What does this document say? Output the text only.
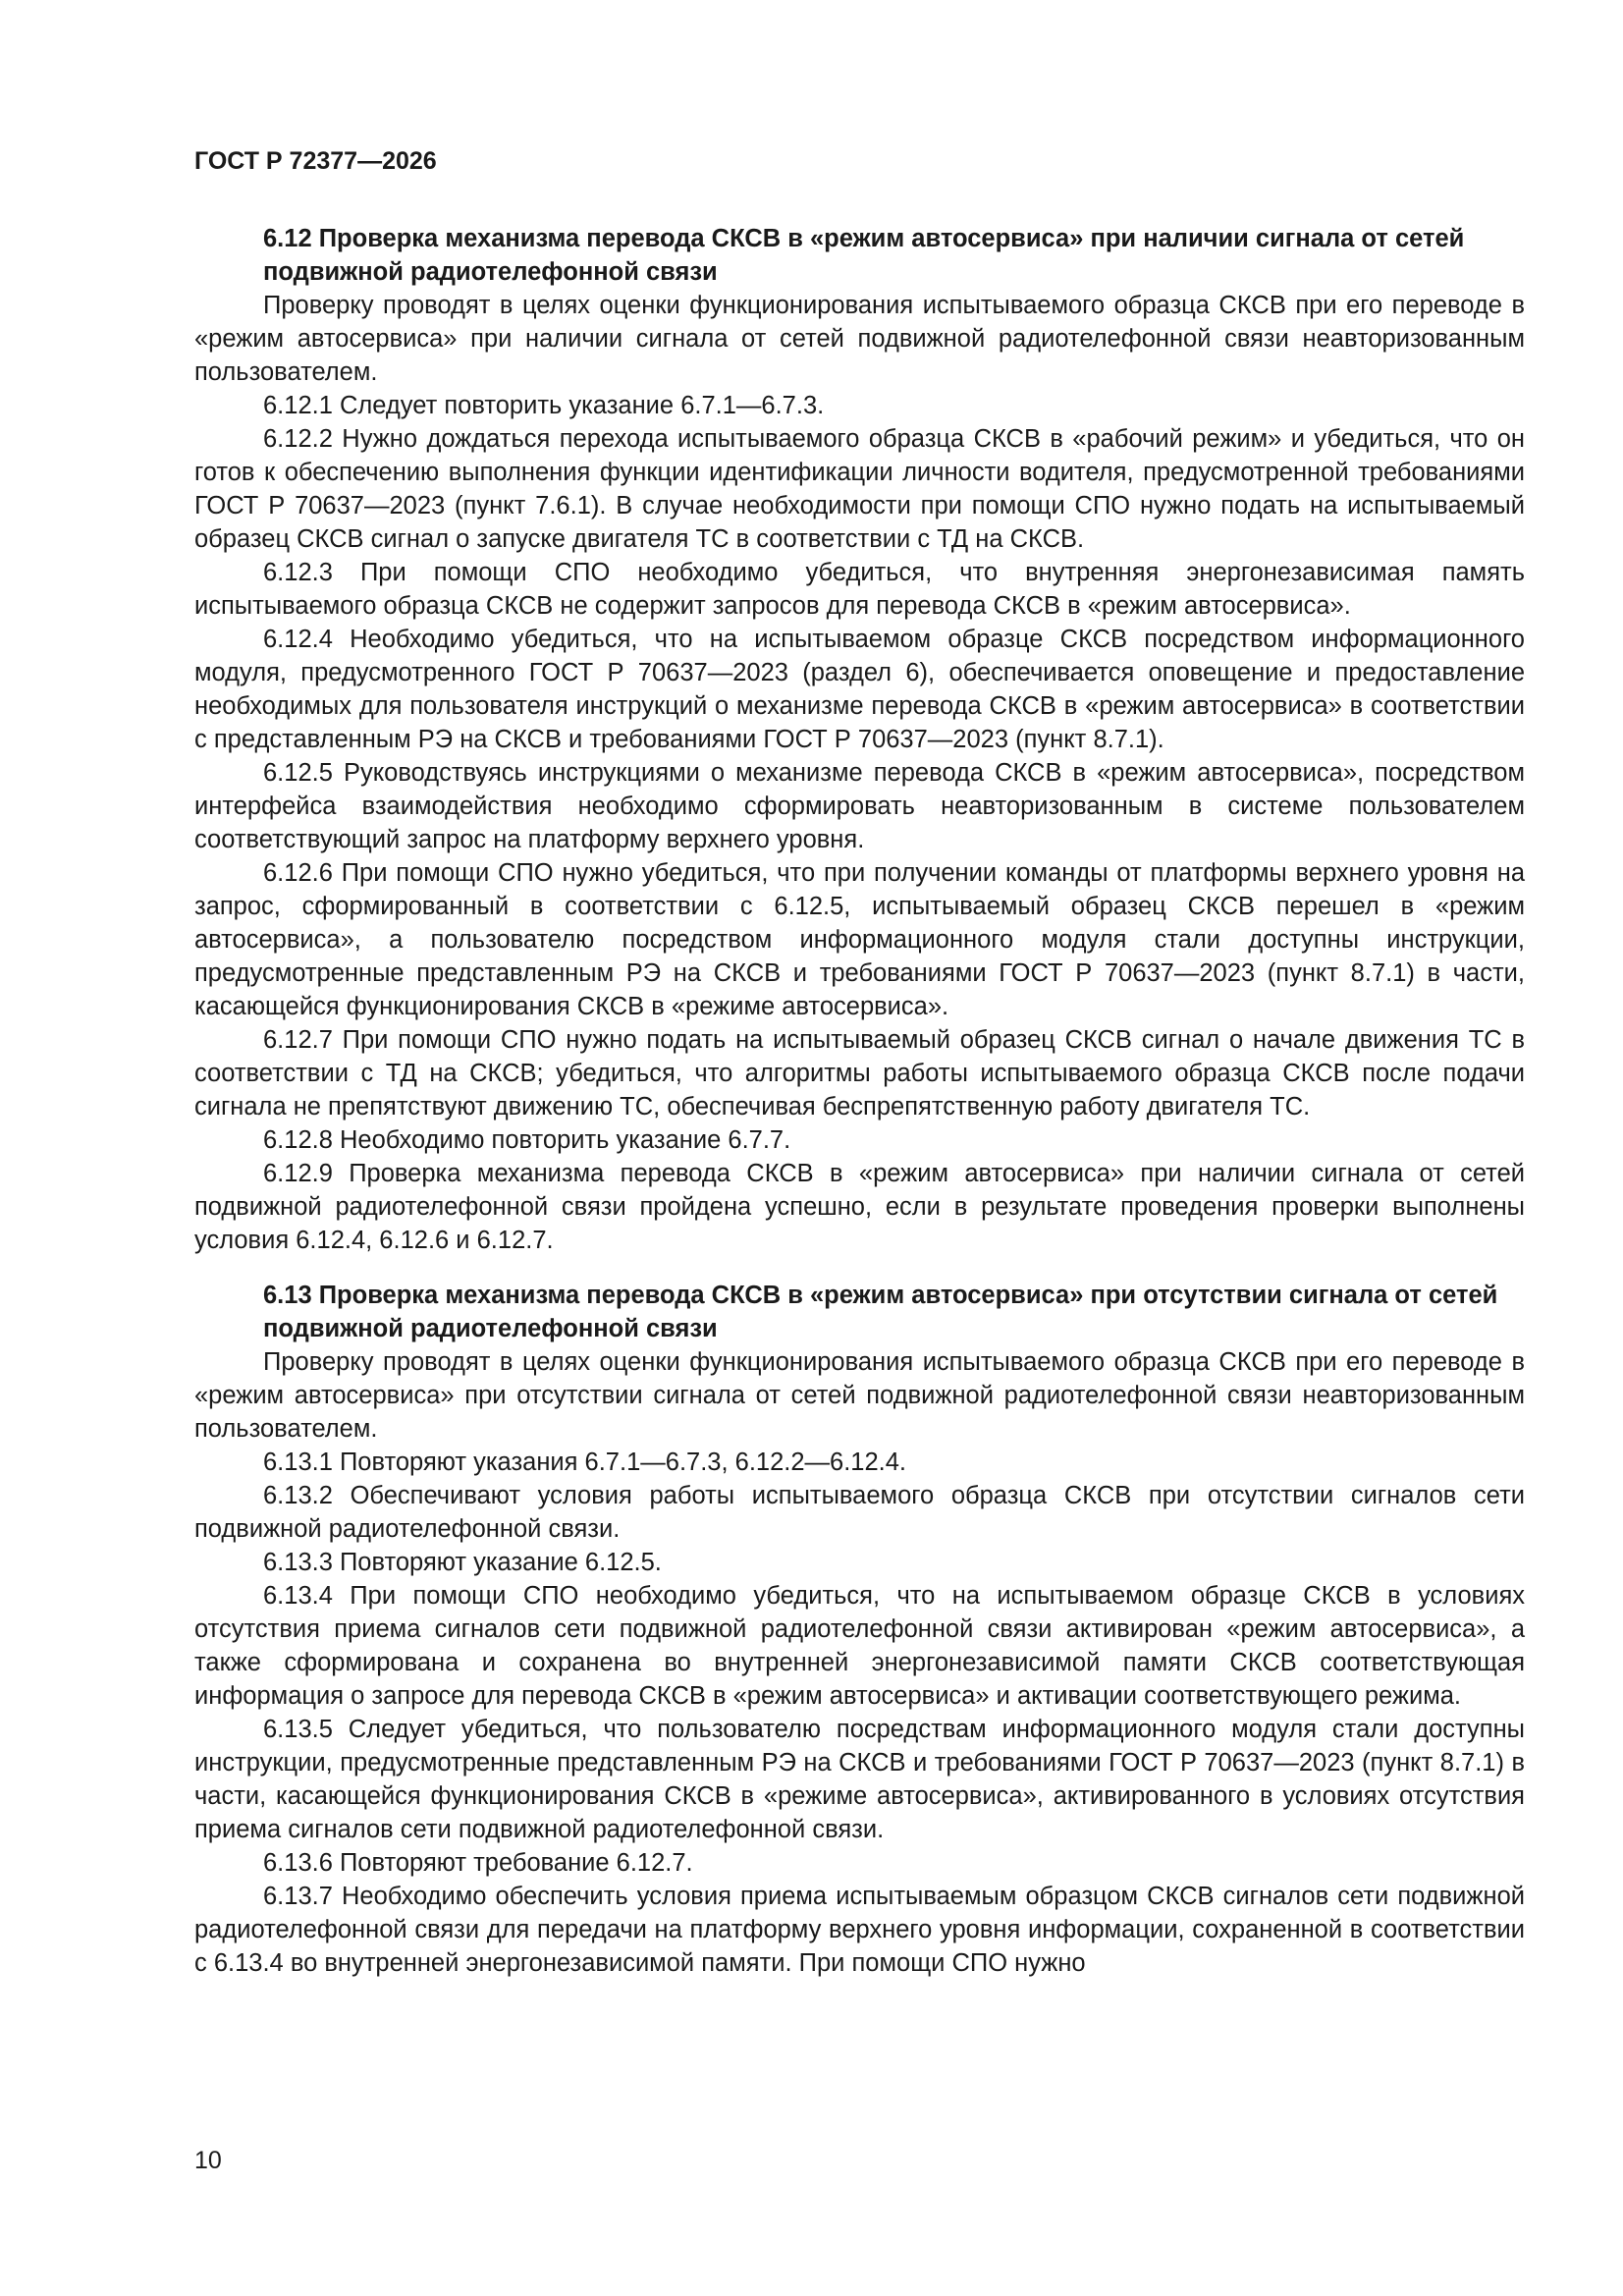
ГОСТ Р 72377—2026
6.12 Проверка механизма перевода СКСВ в «режим автосервиса» при наличии сигнала от сетей подвижной радиотелефонной связи

Проверку проводят в целях оценки функционирования испытываемого образца СКСВ при его переводе в «режим автосервиса» при наличии сигнала от сетей подвижной радиотелефонной связи неавторизованным пользователем.

6.12.1 Следует повторить указание 6.7.1—6.7.3.

6.12.2 Нужно дождаться перехода испытываемого образца СКСВ в «рабочий режим» и убедиться, что он готов к обеспечению выполнения функции идентификации личности водителя, предусмотренной требованиями ГОСТ Р 70637—2023 (пункт 7.6.1). В случае необходимости при помощи СПО нужно подать на испытываемый образец СКСВ сигнал о запуске двигателя ТС в соответствии с ТД на СКСВ.

6.12.3 При помощи СПО необходимо убедиться, что внутренняя энергонезависимая память испытываемого образца СКСВ не содержит запросов для перевода СКСВ в «режим автосервиса».

6.12.4 Необходимо убедиться, что на испытываемом образце СКСВ посредством информационного модуля, предусмотренного ГОСТ Р 70637—2023 (раздел 6), обеспечивается оповещение и предоставление необходимых для пользователя инструкций о механизме перевода СКСВ в «режим автосервиса» в соответствии с представленным РЭ на СКСВ и требованиями ГОСТ Р 70637—2023 (пункт 8.7.1).

6.12.5 Руководствуясь инструкциями о механизме перевода СКСВ в «режим автосервиса», посредством интерфейса взаимодействия необходимо сформировать неавторизованным в системе пользователем соответствующий запрос на платформу верхнего уровня.

6.12.6 При помощи СПО нужно убедиться, что при получении команды от платформы верхнего уровня на запрос, сформированный в соответствии с 6.12.5, испытываемый образец СКСВ перешел в «режим автосервиса», а пользователю посредством информационного модуля стали доступны инструкции, предусмотренные представленным РЭ на СКСВ и требованиями ГОСТ Р 70637—2023 (пункт 8.7.1) в части, касающейся функционирования СКСВ в «режиме автосервиса».

6.12.7 При помощи СПО нужно подать на испытываемый образец СКСВ сигнал о начале движения ТС в соответствии с ТД на СКСВ; убедиться, что алгоритмы работы испытываемого образца СКСВ после подачи сигнала не препятствуют движению ТС, обеспечивая беспрепятственную работу двигателя ТС.

6.12.8 Необходимо повторить указание 6.7.7.

6.12.9 Проверка механизма перевода СКСВ в «режим автосервиса» при наличии сигнала от сетей подвижной радиотелефонной связи пройдена успешно, если в результате проведения проверки выполнены условия 6.12.4, 6.12.6 и 6.12.7.

6.13 Проверка механизма перевода СКСВ в «режим автосервиса» при отсутствии сигнала от сетей подвижной радиотелефонной связи

Проверку проводят в целях оценки функционирования испытываемого образца СКСВ при его переводе в «режим автосервиса» при отсутствии сигнала от сетей подвижной радиотелефонной связи неавторизованным пользователем.

6.13.1 Повторяют указания 6.7.1—6.7.3, 6.12.2—6.12.4.

6.13.2 Обеспечивают условия работы испытываемого образца СКСВ при отсутствии сигналов сети подвижной радиотелефонной связи.

6.13.3 Повторяют указание 6.12.5.

6.13.4 При помощи СПО необходимо убедиться, что на испытываемом образце СКСВ в условиях отсутствия приема сигналов сети подвижной радиотелефонной связи активирован «режим автосервиса», а также сформирована и сохранена во внутренней энергонезависимой памяти СКСВ соответствующая информация о запросе для перевода СКСВ в «режим автосервиса» и активации соответствующего режима.

6.13.5 Следует убедиться, что пользователю посредствам информационного модуля стали доступны инструкции, предусмотренные представленным РЭ на СКСВ и требованиями ГОСТ Р 70637—2023 (пункт 8.7.1) в части, касающейся функционирования СКСВ в «режиме автосервиса», активированного в условиях отсутствия приема сигналов сети подвижной радиотелефонной связи.

6.13.6 Повторяют требование 6.12.7.

6.13.7 Необходимо обеспечить условия приема испытываемым образцом СКСВ сигналов сети подвижной радиотелефонной связи для передачи на платформу верхнего уровня информации, сохраненной в соответствии с 6.13.4 во внутренней энергонезависимой памяти. При помощи СПО нужно

10
